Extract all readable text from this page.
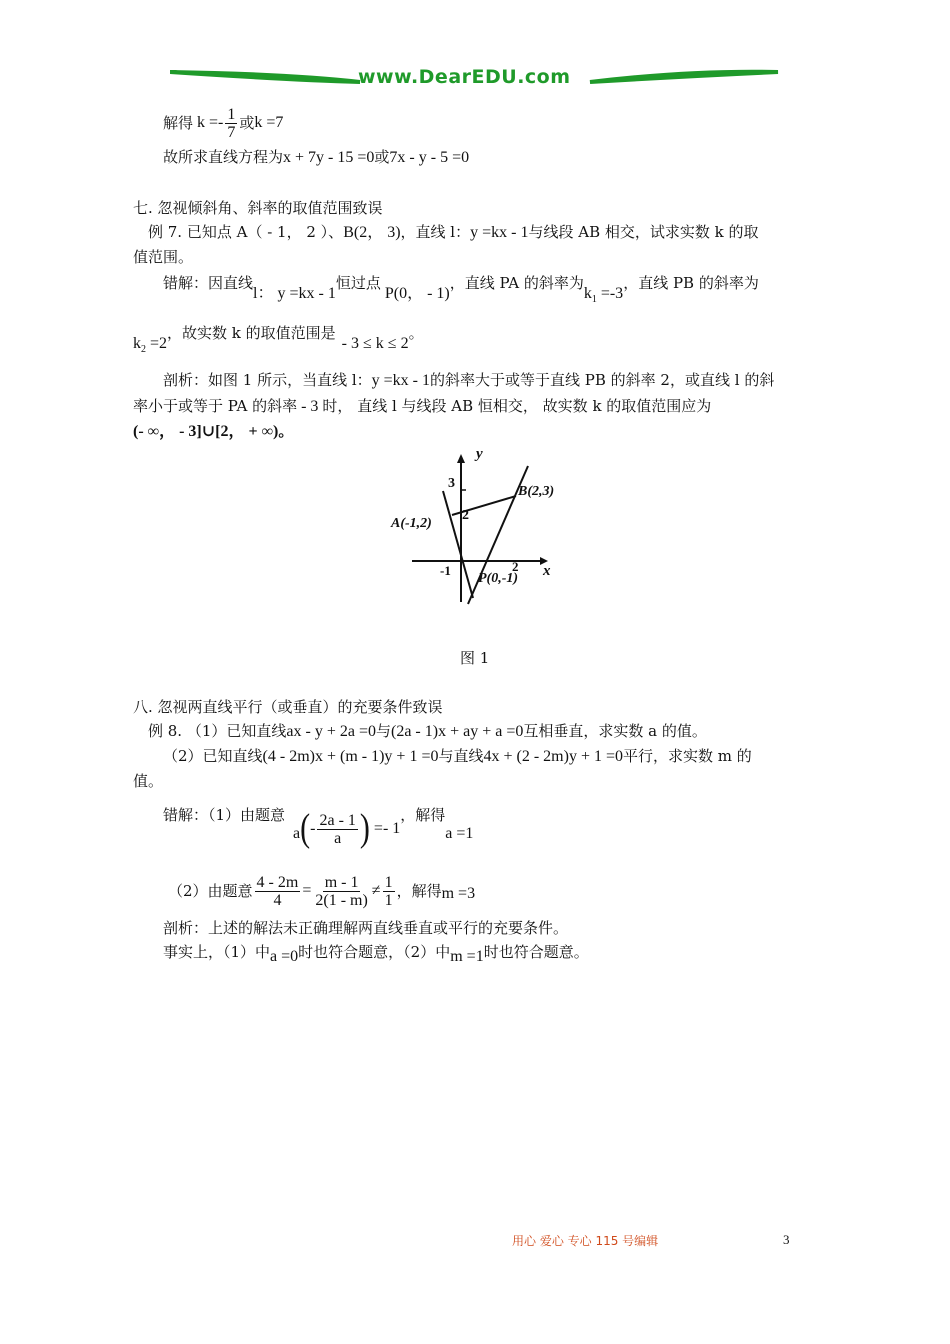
www.DearEDU.com
解得 $k =- \frac{1}{7}$ 或 k =7
故所求直线方程为x + 7y - 15 =0或7x - y - 5 =0
七. 忽视倾斜角、斜率的取值范围致误
例 7. 已知点 A（ - 1， 2 ）、B(2， 3)，直线 l：y =kx - 1与线段 AB 相交，试求实数 k 的取
值范围。
错解：因直线l： y =kx - 1恒过点P(0， - 1)，直线 PA 的斜率为$k_1 =-3$，直线 PB 的斜率为
$k_2 =2$，故实数 k 的取值范围是- 3 ≤ k ≤ 2。
剖析：如图 1 所示，当直线 l：y =kx - 1的斜率大于或等于直线 PB 的斜率 2，或直线 l 的斜
率小于或等于 PA 的斜率 - 3 时， 直线 l 与线段 AB 恒相交， 故实数 k 的取值范围应为
(- ∞， - 3]∪[2， + ∞)。
y
x
3
2
-1	2
A(-1,2)
B(2,3)
P(0,-1)
图 1
八. 忽视两直线平行（或垂直）的充要条件致误
例 8. （1）已知直线ax - y + 2a =0与(2a - 1)x + ay + a =0互相垂直，求实数 a 的值。
（2）已知直线(4 - 2m)x + (m - 1)y + 1 =0与直线4x + (2 - 2m)y + 1 =0平行，求实数 m 的
值。
错解：（1）由题意
a ( - $\frac{2a - 1}{a}$ ) =- 1
，解得
a =1
（2）由题意 $\frac{4 - 2m}{4} = \frac{m - 1}{2(1 - m)} \ne \frac{1}{1}$ ，解得 m =3
剖析：上述的解法未正确理解两直线垂直或平行的充要条件。
事实上，（1）中a =0时也符合题意，（2）中m =1时也符合题意。
用心 爱心 专心 115 号编辑	3
